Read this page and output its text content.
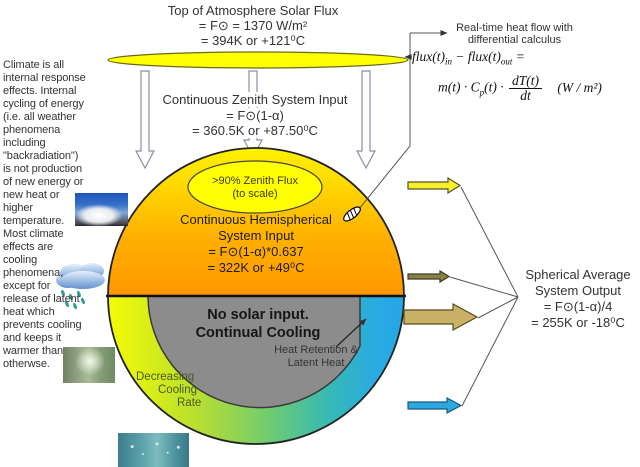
Top of Atmosphere Solar Flux
= F⊙ = 1370 W/m²
= 394K or +121⁰C
Real-time heat flow with
differential calculus
$flux(t)_{in}$ − $flux(t)_{out}$ =
$m(t) \cdot C_p(t) \cdot \frac{dT(t)}{dt} (W / m^2)$
Continuous Zenith System Input
= F⊙(1-α)
= 360.5K or +87.50⁰C
>90% Zenith Flux
(to scale)
Continuous Hemispherical
System Input
= F⊙(1-α)*0.637
= 322K or +49⁰C
No solar input.
Continual Cooling
Heat Retention &
Latent Heat
Decreasing
Cooling
Rate
Spherical Average
System Output
= F⊙(1-α)/4
= 255K or -18⁰C
Climate is all internal response effects. Internal cycling of energy (i.e. all weather phenomena including "backradiation") is not production of new energy or new heat or higher temperature. Most climate effects are cooling phenomena, except for release of latent heat which prevents cooling and keeps it warmer than otherwse.
